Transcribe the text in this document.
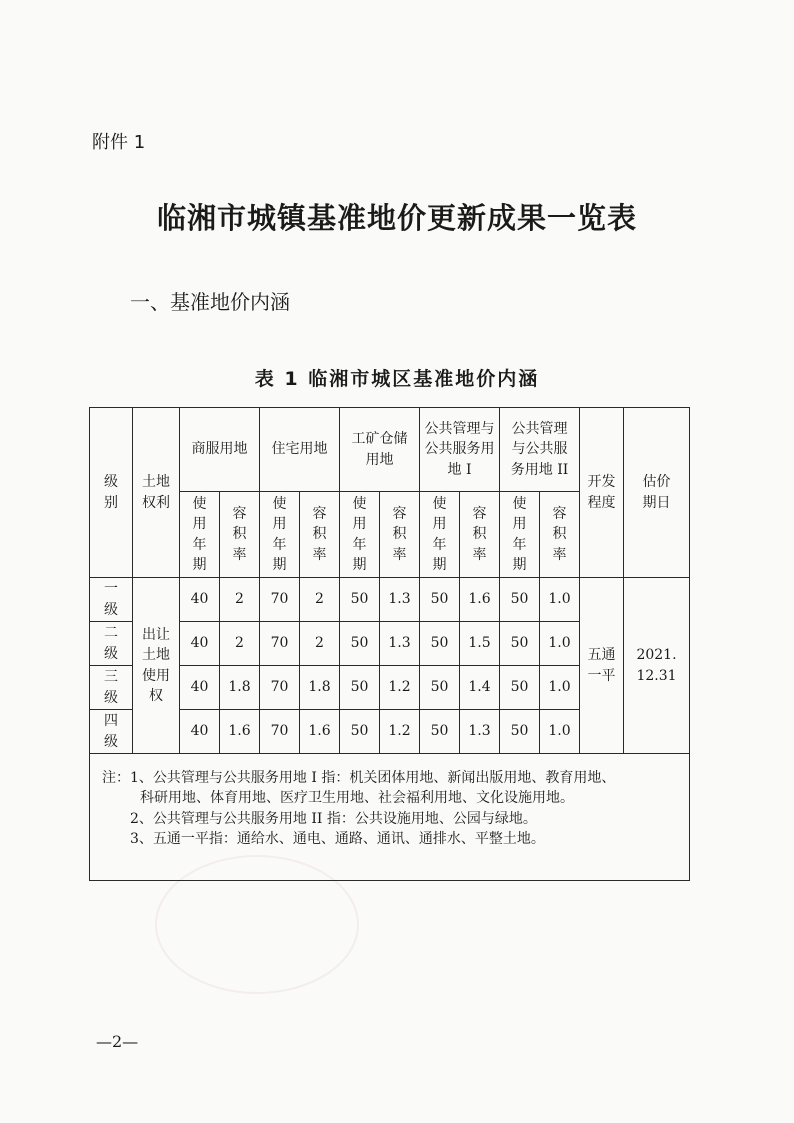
附件 1
临湘市城镇基准地价更新成果一览表
一、基准地价内涵
表 1 临湘市城区基准地价内涵
级别	土地权利	商服用地		住宅用地		工矿仓储用地		公共管理与公共服务用地 I		公共管理与公共服务用地 II		开发程度	估价期日
		使用年期	容积率	使用年期	容积率	使用年期	容积率	使用年期	容积率	使用年期	容积率		
一级	出让土地使用权	40	2	70	2	50	1.3	50	1.6	50	1.0	五通一平	2021.12.31
二级		40	2	70	2	50	1.3	50	1.5	50	1.0		
三级		40	1.8	70	1.8	50	1.2	50	1.4	50	1.0		
四级		40	1.6	70	1.6	50	1.2	50	1.3	50	1.0		

注：1、公共管理与公共服务用地 I 指：机关团体用地、新闻出版用地、教育用地、
科研用地、体育用地、医疗卫生用地、社会福利用地、文化设施用地。
2、公共管理与公共服务用地 II 指：公共设施用地、公园与绿地。
3、五通一平指：通给水、通电、通路、通讯、通排水、平整土地。													
—2—
